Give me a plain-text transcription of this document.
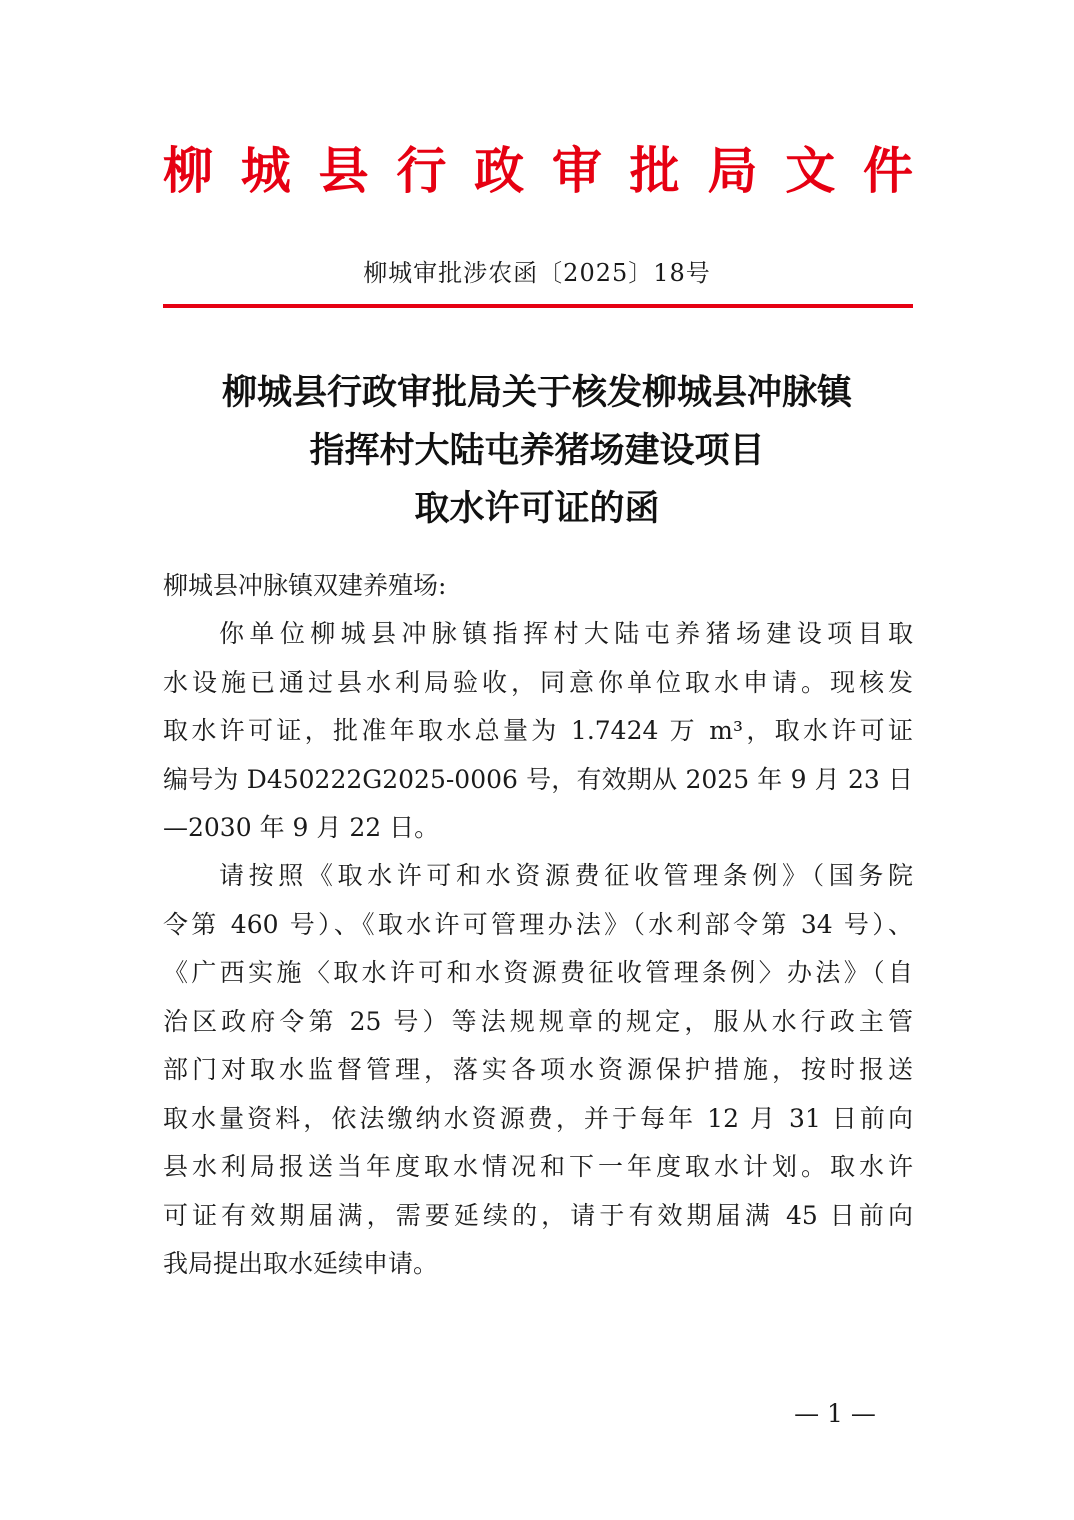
柳城县行政审批局文件
柳城审批涉农函〔2025〕18号
柳城县行政审批局关于核发柳城县冲脉镇
指挥村大陆屯养猪场建设项目
取水许可证的函
柳城县冲脉镇双建养殖场:
你单位柳城县冲脉镇指挥村大陆屯养猪场建设项目取
水设施已通过县水利局验收，同意你单位取水申请。现核发
取水许可证，批准年取水总量为 1.7424 万 m³，取水许可证
编号为 D450222G2025-0006 号，有效期从 2025 年 9 月 23 日
—2030 年 9 月 22 日。
请按照《取水许可和水资源费征收管理条例》（国务院
令第 460 号）、《取水许可管理办法》（水利部令第 34 号）、
《广西实施〈取水许可和水资源费征收管理条例〉办法》（自
治区政府令第 25 号）等法规规章的规定，服从水行政主管
部门对取水监督管理，落实各项水资源保护措施，按时报送
取水量资料，依法缴纳水资源费，并于每年 12 月 31 日前向
县水利局报送当年度取水情况和下一年度取水计划。取水许
可证有效期届满，需要延续的，请于有效期届满 45 日前向
我局提出取水延续申请。
— 1 —
